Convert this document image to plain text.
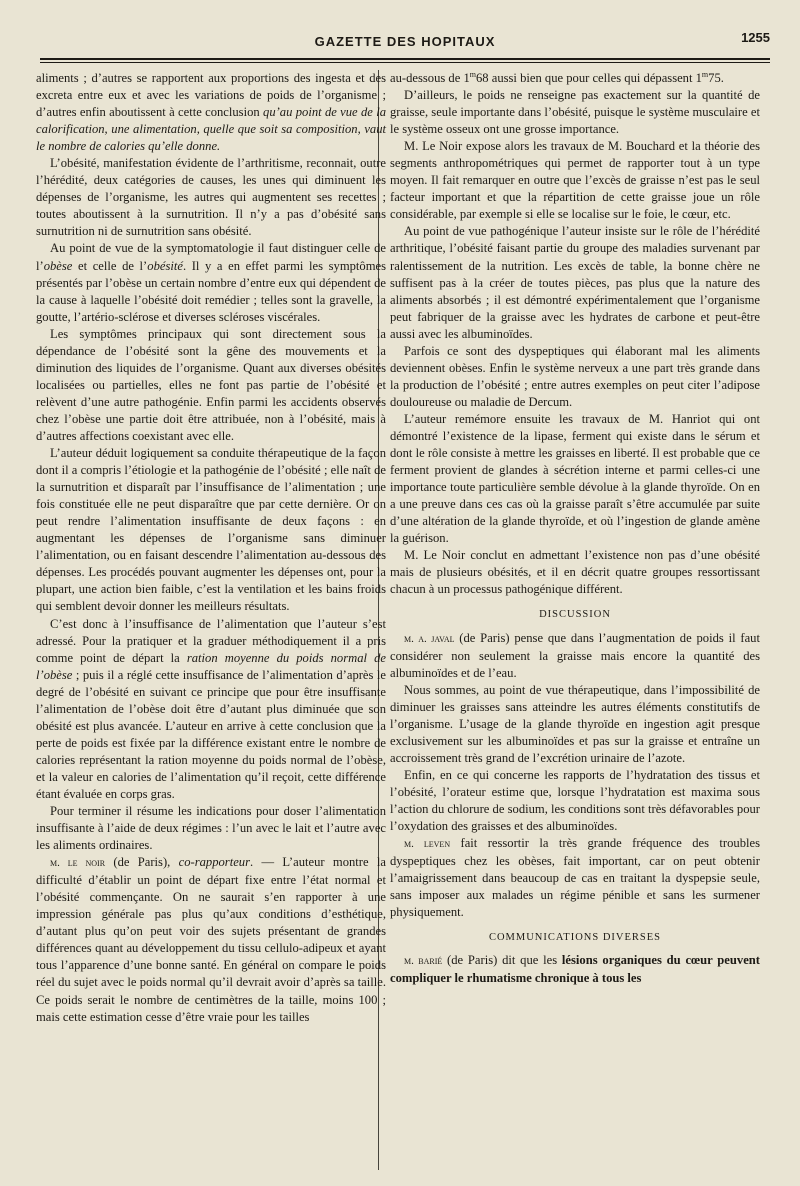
GAZETTE DES HOPITAUX	1255

aliments ; d’autres se rapportent aux proportions des ingesta et des excreta entre eux et avec les variations de poids de l’organisme ; d’autres enfin aboutissent à cette conclusion qu’au point de vue de la calorification, une alimentation, quelle que soit sa composition, vaut le nombre de calories qu’elle donne.

L’obésité, manifestation évidente de l’arthritisme, reconnait, outre l’hérédité, deux catégories de causes, les unes qui diminuent les dépenses de l’organisme, les autres qui augmentent ses recettes ; toutes aboutissent à la surnutrition. Il n’y a pas d’obésité sans surnutrition ni de surnutrition sans obésité.

Au point de vue de la symptomatologie il faut distinguer celle de l’obèse et celle de l’obésité. Il y a en effet parmi les symptômes présentés par l’obèse un certain nombre d’entre eux qui dépendent de la cause à laquelle l’obésité doit remédier ; telles sont la gravelle, la goutte, l’artério-sclérose et diverses scléroses viscérales.

Les symptômes principaux qui sont directement sous la dépendance de l’obésité sont la gêne des mouvements et la diminution des liquides de l’organisme. Quant aux diverses obésités localisées ou partielles, elles ne font pas partie de l’obésité et relèvent d’une autre pathogénie. Enfin parmi les accidents observés chez l’obèse une partie doit être attribuée, non à l’obésité, mais à d’autres affections coexistant avec elle.

L’auteur déduit logiquement sa conduite thérapeutique de la façon dont il a compris l’étiologie et la pathogénie de l’obésité ; elle naît de la surnutrition et disparaît par l’insuffisance de l’alimentation ; une fois constituée elle ne peut disparaître que par cette dernière. Or on peut rendre l’alimentation insuffisante de deux façons : en augmentant les dépenses de l’organisme sans diminuer l’alimentation, ou en faisant descendre l’alimentation au-dessous des dépenses. Les procédés pouvant augmenter les dépenses ont, pour la plupart, une action bien faible, c’est la ventilation et les bains froids qui semblent devoir donner les meilleurs résultats.

C’est donc à l’insuffisance de l’alimentation que l’auteur s’est adressé. Pour la pratiquer et la graduer méthodiquement il a pris comme point de départ la ration moyenne du poids normal de l’obèse ; puis il a réglé cette insuffisance de l’alimentation d’après le degré de l’obésité en suivant ce principe que pour être insuffisante l’alimentation de l’obèse doit être d’autant plus diminuée que son obésité est plus avancée. L’auteur en arrive à cette conclusion que la perte de poids est fixée par la différence existant entre le nombre de calories représentant la ration moyenne du poids normal de l’obèse, et la valeur en calories de l’alimentation qu’il reçoit, cette différence étant évaluée en corps gras.

Pour terminer il résume les indications pour doser l’alimentation insuffisante à l’aide de deux régimes : l’un avec le lait et l’autre avec les aliments ordinaires.

m. le noir (de Paris), co-rapporteur. — L’auteur montre la difficulté d’établir un point de départ fixe entre l’état normal et l’obésité commençante. On ne saurait s’en rapporter à une impression générale pas plus qu’aux conditions d’esthétique, d’autant plus qu’on peut voir des sujets présentant de grandes différences quant au développement du tissu cellulo-adipeux et ayant tous l’apparence d’une bonne santé. En général on compare le poids réel du sujet avec le poids normal qu’il devrait avoir d’après sa taille. Ce poids serait le nombre de centimètres de la taille, moins 100 ; mais cette estimation cesse d’être vraie pour les tailles

au-dessous de 1$^m$68 aussi bien que pour celles qui dépassent 1$^m$75.

D’ailleurs, le poids ne renseigne pas exactement sur la quantité de graisse, seule importante dans l’obésité, puisque le système musculaire et le système osseux ont une grosse importance.

M. Le Noir expose alors les travaux de M. Bouchard et la théorie des segments anthropométriques qui permet de rapporter tout à un type moyen. Il fait remarquer en outre que l’excès de graisse n’est pas le seul facteur important et que la répartition de cette graisse joue un rôle considérable, par exemple si elle se localise sur le foie, le cœur, etc.

Au point de vue pathogénique l’auteur insiste sur le rôle de l’hérédité arthritique, l’obésité faisant partie du groupe des maladies survenant par ralentissement de la nutrition. Les excès de table, la bonne chère ne suffisent pas à la créer de toutes pièces, pas plus que la nature des aliments absorbés ; il est démontré expérimentalement que l’organisme peut fabriquer de la graisse avec les hydrates de carbone et peut-être aussi avec les albuminoïdes.

Parfois ce sont des dyspeptiques qui élaborant mal les aliments deviennent obèses. Enfin le système nerveux a une part très grande dans la production de l’obésité ; entre autres exemples on peut citer l’adipose douloureuse ou maladie de Dercum.

L’auteur remémore ensuite les travaux de M. Hanriot qui ont démontré l’existence de la lipase, ferment qui existe dans le sérum et dont le rôle consiste à mettre les graisses en liberté. Il est probable que ce ferment provient de glandes à sécrétion interne et parmi celles-ci une importance toute particulière semble dévolue à la glande thyroïde. On en a une preuve dans ces cas où la graisse paraît s’être accumulée par suite d’une altération de la glande thyroïde, et où l’ingestion de glande amène la guérison.

M. Le Noir conclut en admettant l’existence non pas d’une obésité mais de plusieurs obésités, et il en décrit quatre groupes ressortissant chacun à un processus pathogénique différent.

DISCUSSION

m. a. javal (de Paris) pense que dans l’augmentation de poids il faut considérer non seulement la graisse mais encore la quantité des albuminoïdes et de l’eau.

Nous sommes, au point de vue thérapeutique, dans l’impossibilité de diminuer les graisses sans atteindre les autres éléments constitutifs de l’organisme. L’usage de la glande thyroïde en ingestion agit presque exclusivement sur les albuminoïdes et pas sur la graisse et entraîne un accroissement très grand de l’excrétion urinaire de l’azote.

Enfin, en ce qui concerne les rapports de l’hydratation des tissus et l’obésité, l’orateur estime que, lorsque l’hydratation est maxima sous l’action du chlorure de sodium, les conditions sont très défavorables pour l’oxydation des graisses et des albuminoïdes.

m. leven fait ressortir la très grande fréquence des troubles dyspeptiques chez les obèses, fait important, car on peut obtenir l’amaigrissement dans beaucoup de cas en traitant la dyspepsie seule, sans imposer aux malades un régime pénible et sans les surmener physiquement.

COMMUNICATIONS DIVERSES

m. barié (de Paris) dit que les lésions organiques du cœur peuvent compliquer le rhumatisme chronique à tous les
